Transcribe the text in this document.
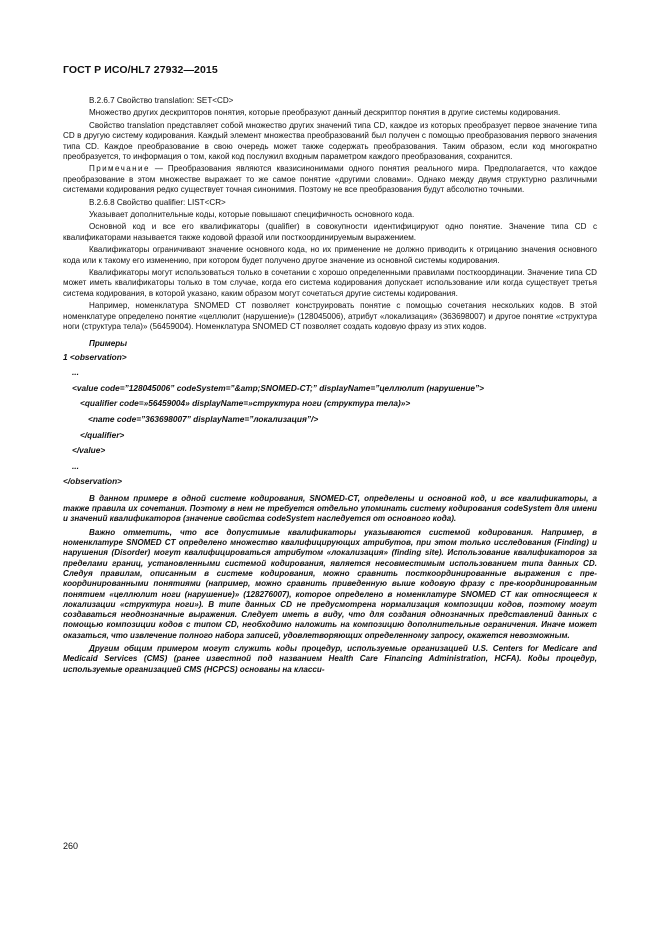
ГОСТ Р ИСО/HL7 27932—2015

В.2.6.7 Свойство translation: SET<CD>

Множество других дескрипторов понятия, которые преобразуют данный дескриптор понятия в другие системы кодирования.

Свойство translation представляет собой множество других значений типа CD, каждое из которых преобразует первое значение типа CD в другую систему кодирования. Каждый элемент множества преобразований был получен с помощью преобразования первого значения типа CD. Каждое преобразование в свою очередь может также содержать преобразования. Таким образом, если код многократно преобразуется, то информация о том, какой код послужил входным параметром каждого преобразования, сохранится.

Примечание — Преобразования являются квазисинонимами одного понятия реального мира. Предполагается, что каждое преобразование в этом множестве выражает то же самое понятие «другими словами». Однако между двумя структурно различными системами кодирования редко существует точная синонимия. Поэтому не все преобразования будут абсолютно точными.

В.2.6.8 Свойство qualifier: LIST<CR>

Указывает дополнительные коды, которые повышают специфичность основного кода.

Основной код и все его квалификаторы (qualifier) в совокупности идентифицируют одно понятие. Значение типа CD с квалификаторами называется также кодовой фразой или посткоординируемым выражением.

Квалификаторы ограничивают значение основного кода, но их применение не должно приводить к отрицанию значения основного кода или к такому его изменению, при котором будет получено другое значение из основной системы кодирования.

Квалификаторы могут использоваться только в сочетании с хорошо определенными правилами посткоординации. Значение типа CD может иметь квалификаторы только в том случае, когда его система кодирования допускает использование или когда существует третья система кодирования, в которой указано, каким образом могут сочетаться другие системы кодирования.

Например, номенклатура SNOMED CT позволяет конструировать понятие с помощью сочетания нескольких кодов. В этой номенклатуре определено понятие «целлюлит (нарушение)» (128045006), атрибут «локализация» (363698007) и другое понятие «структура ноги (структура тела)» (56459004). Номенклатура SNOMED CT позволяет создать кодовую фразу из этих кодов.

Примеры

1 <observation>

...

<value code=”128045006” codeSystem=”&amp;SNOMED-CT;” displayName=”целлюлит (нарушение”>

<qualifier code=»56459004» displayName=»структура ноги (структура тела)»>

<name code=”363698007” displayName=”локализация”/>

</qualifier>

</value>

...

</observation>

В данном примере в одной системе кодирования, SNOMED-CT, определены и основной код, и все квалификаторы, а также правила их сочетания. Поэтому в нем не требуется отдельно упоминать систему кодирования codeSystem для имени и значений квалификаторов (значение свойства codeSystem наследуется от основного кода).

Важно отметить, что все допустимые квалификаторы указываются системой кодирования. Например, в номенклатуре SNOMED CT определено множество квалифицирующих атрибутов, при этом только исследования (Finding) и нарушения (Disorder) могут квалифицироваться атрибутом «локализация» (finding site). Использование квалификаторов за пределами границ, установленными системой кодирования, является несовместимым использованием типа данных CD. Следуя правилам, описанным в системе кодирования, можно сравнить посткоординированные выражения с пре-координированными понятиями (например, можно сравнить приведенную выше кодовую фразу с пре-координированным понятием «целлюлит ноги (нарушение)» (128276007), которое определено в номенклатуре SNOMED CT как относящееся к локализации «структура ноги»). В типе данных CD не предусмотрена нормализация композиции кодов, поэтому могут создаваться неоднозначные выражения. Следует иметь в виду, что для создания однозначных представлений данных с помощью композиции кодов с типом CD, необходимо наложить на композицию дополнительные ограничения. Иначе может оказаться, что извлечение полного набора записей, удовлетворяющих определенному запросу, окажется невозможным.

Другим общим примером могут служить коды процедур, используемые организацией U.S. Centers for Medicare and Medicaid Services (CMS) (ранее известной под названием Health Care Financing Administration, HCFA). Коды процедур, используемые организацией CMS (HCPCS) основаны на класси-

260
